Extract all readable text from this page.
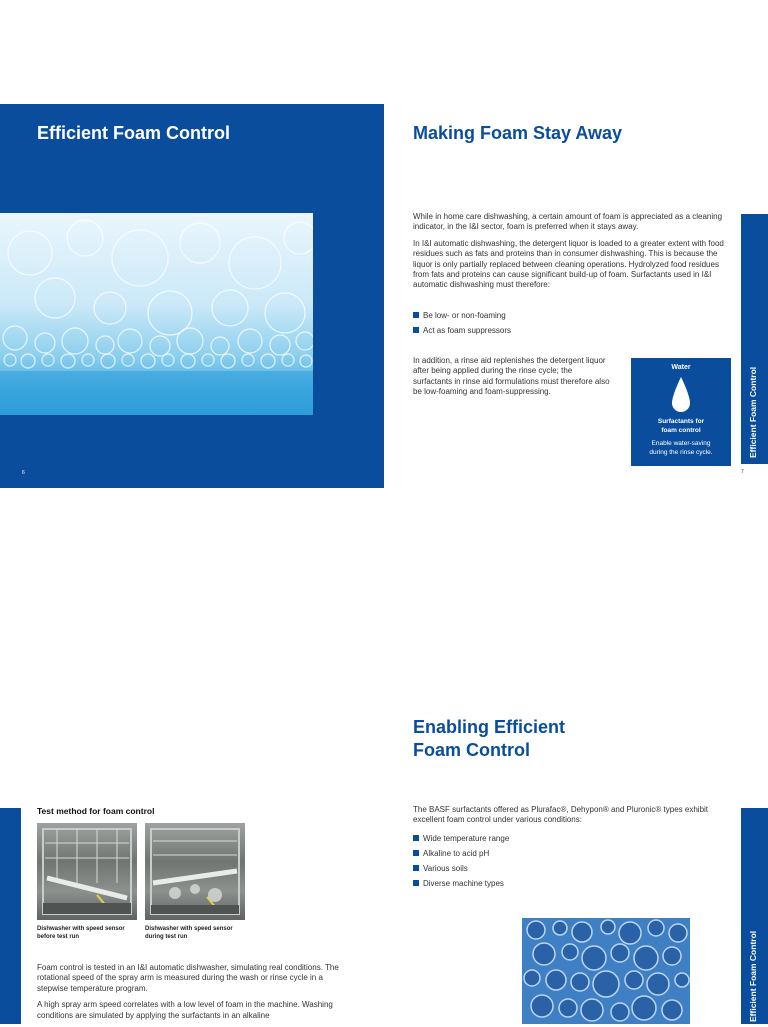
Efficient Foam Control
6
Making Foam Stay Away

While in home care dishwashing, a certain amount of foam is appreciated as a cleaning indicator, in the I&I sector, foam is preferred when it stays away.

In I&I automatic dishwashing, the detergent liquor is loaded to a greater extent with food residues such as fats and proteins than in consumer dishwashing. This is because the liquor is only partially replaced between cleaning operations. Hydrolyzed food residues from fats and proteins can cause significant build-up of foam. Surfactants used in I&I automatic dishwashing must therefore:

Be low- or non-foaming
Act as foam suppressors
In addition, a rinse aid replenishes the detergent liquor after being applied during the rinse cycle; the surfactants in rinse aid formulations must therefore also be low-foaming and foam-suppressing.
Water
Surfactants for
foam control
Enable water-saving
during the rinse cycle.	Efficient Foam Control
7
Enabling Efficient
Foam Control
Test method for foam control
Dishwasher with speed sensor
before test run
Dishwasher with speed sensor
during test run

Foam control is tested in an I&I automatic dishwasher, simulating real conditions. The rotational speed of the spray arm is measured during the wash or rinse cycle in a stepwise temperature program.

A high spray arm speed correlates with a low level of foam in the machine. Washing conditions are simulated by applying the surfactants in an alkaline

The BASF surfactants offered as Plurafac®, Dehypon® and Pluronic® types exhibit excellent foam control under various conditions:
Wide temperature range
Alkaline to acid pH
Various soils
Diverse machine types
Efficient Foam Control
